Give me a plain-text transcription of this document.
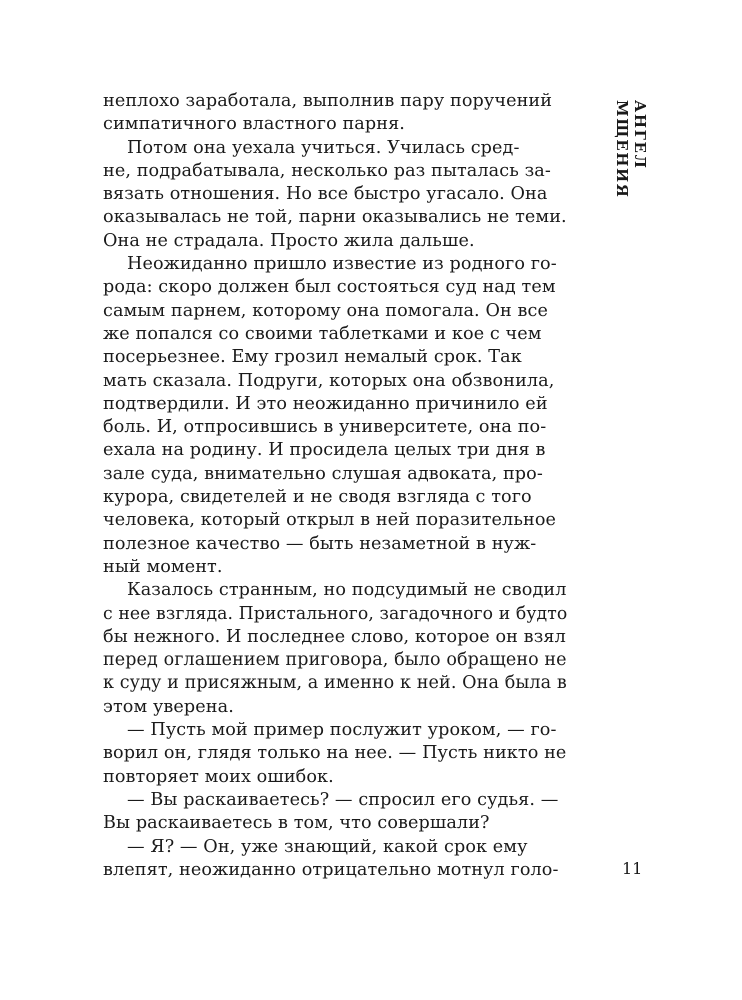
неплохо заработала, выполнив пару поручений

симпатичного властного парня.

Потом она уехала учиться. Училась сред-

не, подрабатывала, несколько раз пыталась за-

вязать отношения. Но все быстро угасало. Она

оказывалась не той, парни оказывались не теми.

Она не страдала. Просто жила дальше.

Неожиданно пришло известие из родного го-

рода: скоро должен был состояться суд над тем

самым парнем, которому она помогала. Он все

же попался со своими таблетками и кое с чем

посерьезнее. Ему грозил немалый срок. Так

мать сказала. Подруги, которых она обзвонила,

подтвердили. И это неожиданно причинило ей

боль. И, отпросившись в университете, она по-

ехала на родину. И просидела целых три дня в

зале суда, внимательно слушая адвоката, про-

курора, свидетелей и не сводя взгляда с того

человека, который открыл в ней поразительное

полезное качество — быть незаметной в нуж-

ный момент.

Казалось странным, но подсудимый не сводил

с нее взгляда. Пристального, загадочного и будто

бы нежного. И последнее слово, которое он взял

перед оглашением приговора, было обращено не

к суду и присяжным, а именно к ней. Она была в

этом уверена.

— Пусть мой пример послужит уроком, — го-

ворил он, глядя только на нее. — Пусть никто не

повторяет моих ошибок.

— Вы раскаиваетесь? — спросил его судья. —

Вы раскаиваетесь в том, что совершали?

— Я? — Он, уже знающий, какой срок ему

влепят, неожиданно отрицательно мотнул голо-

АНГЕЛ МЩЕНИЯ
11
